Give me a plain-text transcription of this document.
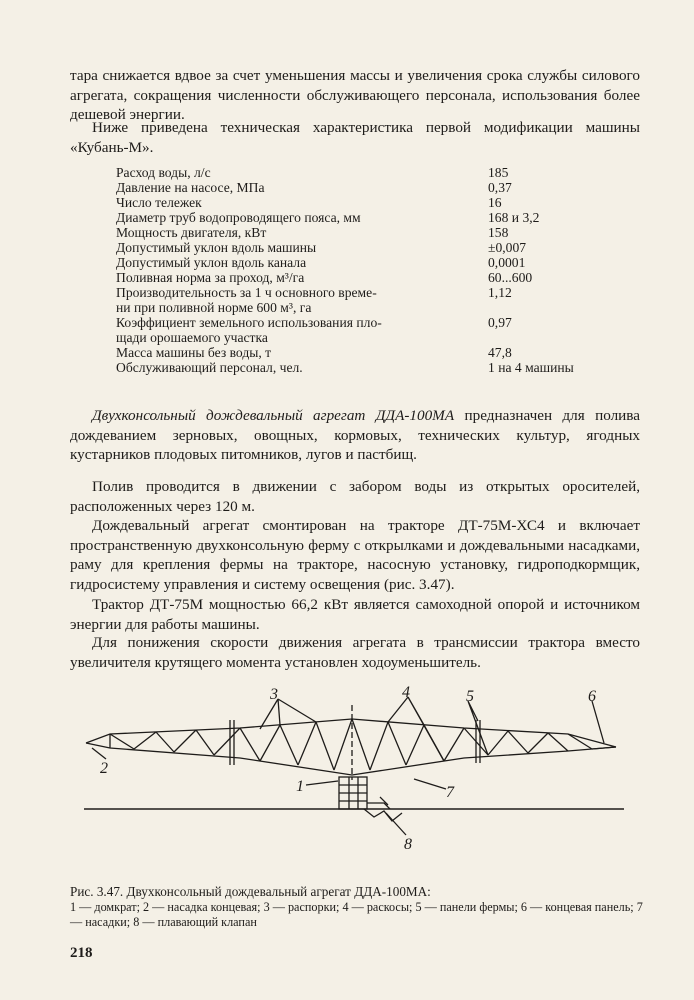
тара снижается вдвое за счет уменьшения массы и увеличения срока службы силового агрегата, сокращения численности обслуживающего персонала, использования более дешевой энергии.

Ниже приведена техническая характеристика первой модификации машины «Кубань-М».

Расход воды, л/с	185
Давление на насосе, МПа	0,37
Число тележек	16
Диаметр труб водопроводящего пояса, мм	168 и 3,2
Мощность двигателя, кВт	158
Допустимый уклон вдоль машины	±0,007
Допустимый уклон вдоль канала	0,0001
Поливная норма за проход, м³/га	60...600
Производительность за 1 ч основного време-	1,12
ни при поливной норме 600 м³, га
Коэффициент земельного использования пло-	0,97
щади орошаемого участка
Масса машины без воды, т	47,8
Обслуживающий персонал, чел.	1 на 4 машины

Двухконсольный дождевальный агрегат ДДА-100МА предназначен для полива дождеванием зерновых, овощных, кормовых, технических культур, ягодных кустарников плодовых питомников, лугов и пастбищ.

Полив проводится в движении с забором воды из открытых оросителей, расположенных через 120 м.

Дождевальный агрегат смонтирован на тракторе ДТ-75М-ХС4 и включает пространственную двухконсольную ферму с открылками и дождевальными насадками, раму для крепления фермы на тракторе, насосную установку, гидроподкормщик, гидросистему управления и систему освещения (рис. 3.47).

Трактор ДТ-75М мощностью 66,2 кВт является самоходной опорой и источником энергии для работы машины.

Для понижения скорости движения агрегата в трансмиссии трактора вместо увеличителя крутящего момента установлен ходоуменьшитель.

3	4	5	6
2
1	7
8
Рис. 3.47. Двухконсольный дождевальный агрегат ДДА-100МА:
1 — домкрат; 2 — насадка концевая; 3 — распорки; 4 — раскосы; 5 — панели фермы; 6 — концевая панель; 7 — насадки; 8 — плавающий клапан
218
